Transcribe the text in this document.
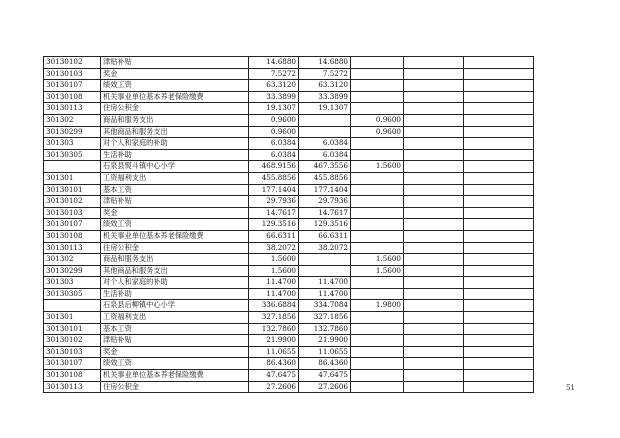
30130102	津贴补贴	14.6880	14.6880			
30130103	奖金	7.5272	7.5272			
30130107	绩效工资	63.3120	63.3120			
30130108	机关事业单位基本养老保险缴费	33.3899	33.3899			
30130113	住房公积金	19.1307	19.1307			
301302	商品和服务支出	0.9600		0.9600		
30130299	其他商品和服务支出	0.9600		0.9600		
301303	对个人和家庭的补助	6.0384	6.0384			
30130305	生活补助	6.0384	6.0384			
	石泉县熨斗镇中心小学	468.9156	467.3556	1.5600		
301301	工资福利支出	455.8856	455.8856			
30130101	基本工资	177.1404	177.1404			
30130102	津贴补贴	29.7936	29.7936			
30130103	奖金	14.7617	14.7617			
30130107	绩效工资	129.3516	129.3516			
30130108	机关事业单位基本养老保险缴费	66.6311	66.6311			
30130113	住房公积金	38.2072	38.2072			
301302	商品和服务支出	1.5600		1.5600		
30130299	其他商品和服务支出	1.5600		1.5600		
301303	对个人和家庭的补助	11.4700	11.4700			
30130305	生活补助	11.4700	11.4700			
	石泉县后柳镇中心小学	336.6884	334.7084	1.9800		
301301	工资福利支出	327.1856	327.1856			
30130101	基本工资	132.7860	132.7860			
30130102	津贴补贴	21.9900	21.9900			
30130103	奖金	11.0655	11.0655			
30130107	绩效工资	86.4360	86.4360			
30130108	机关事业单位基本养老保险缴费	47.6475	47.6475			
30130113	住房公积金	27.2606	27.2606				51
